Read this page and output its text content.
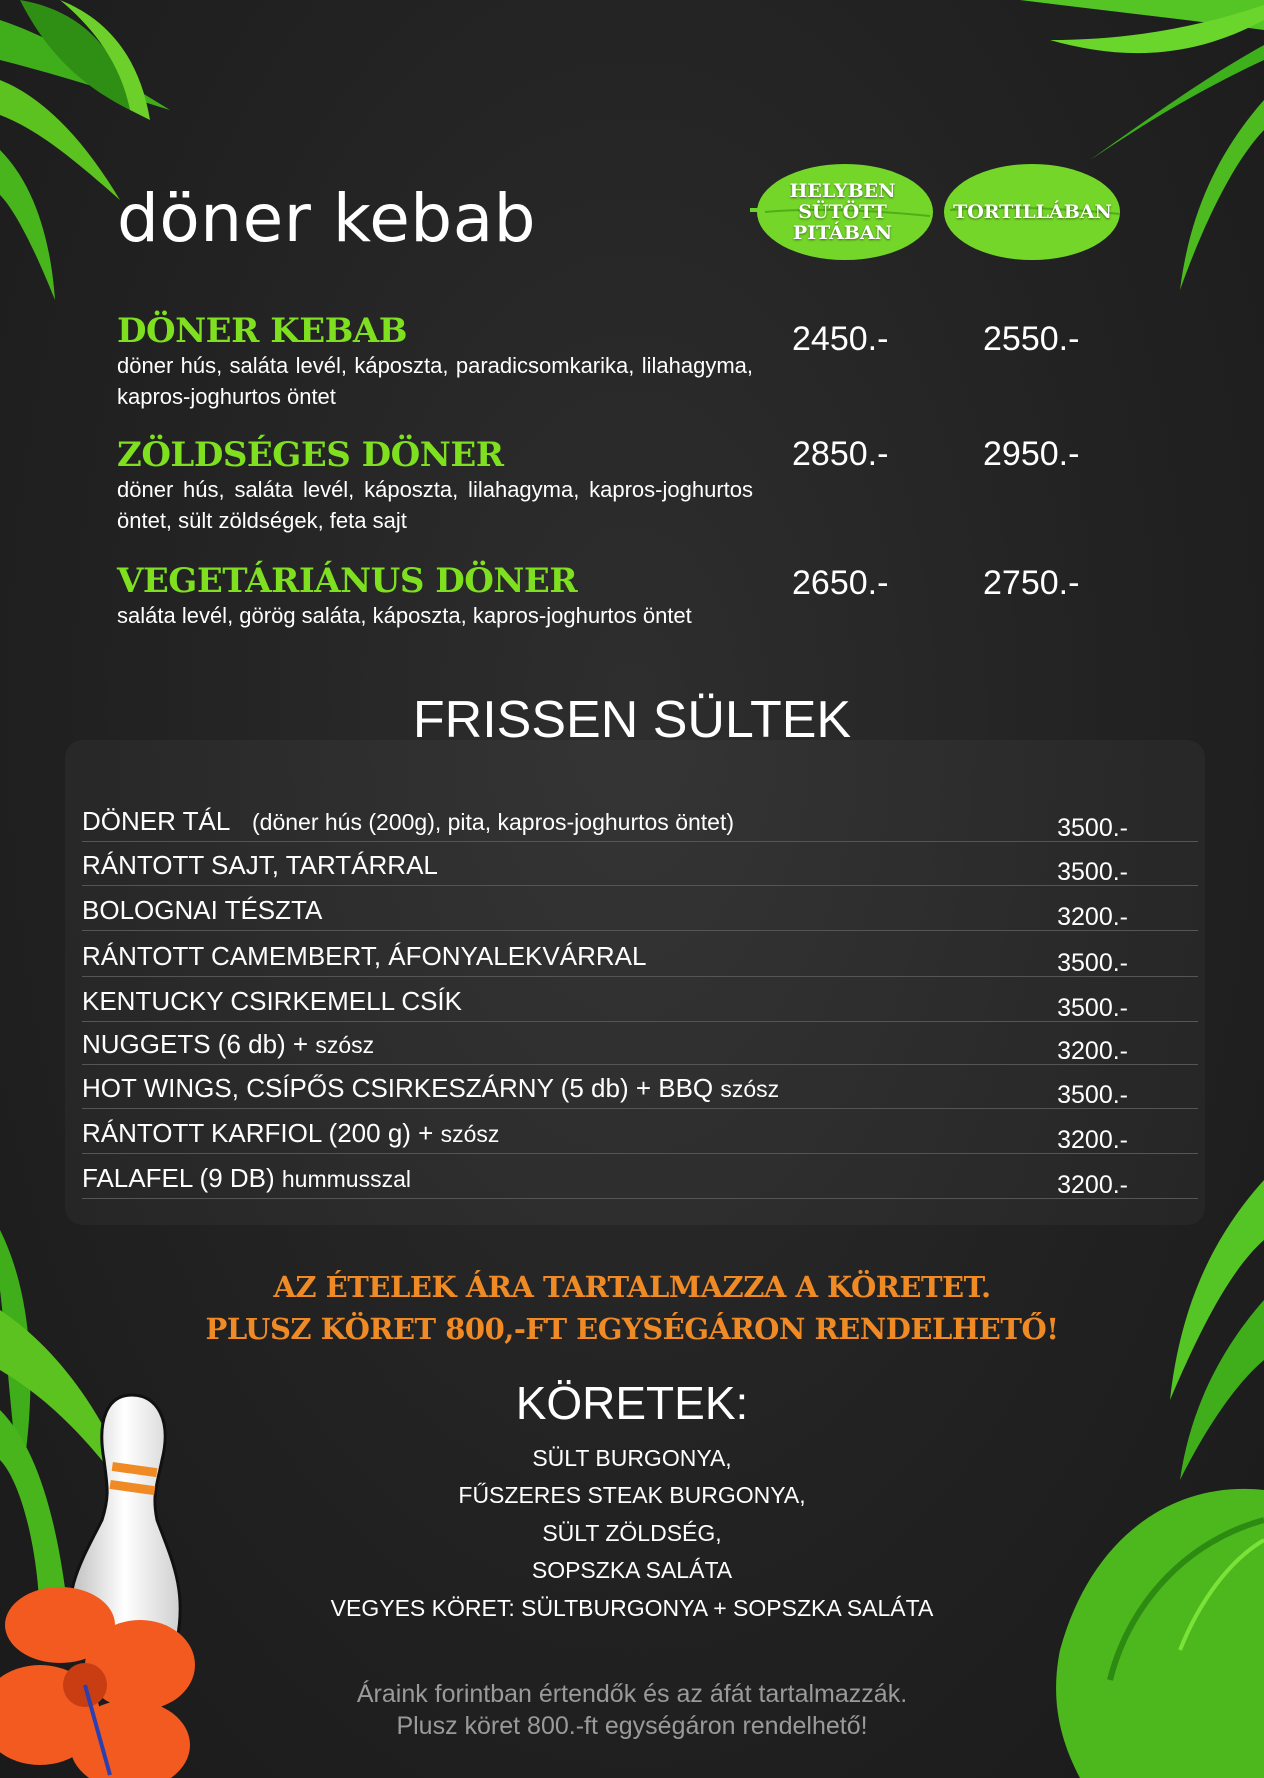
döner kebab	HELYBEN SÜTÖTT PITÁBAN
TORTILLÁBAN
DÖNER KEBAB
döner hús, saláta levél, káposzta, paradicsomkarika, lilahagyma, kapros-joghurtos öntet
2450.-	2550.-
ZÖLDSÉGES DÖNER
döner hús, saláta levél, káposzta, lilahagyma, kapros-joghurtos öntet, sült zöldségek, feta sajt
2850.-	2950.-
VEGETÁRIÁNUS DÖNER
saláta levél, görög saláta, káposzta, kapros-joghurtos öntet
2650.-	2750.-
FRISSEN SÜLTEK
DÖNER TÁL (döner hús (200g), pita, kapros-joghurtos öntet)	3500.-
RÁNTOTT SAJT, TARTÁRRAL	3500.-
BOLOGNAI TÉSZTA	3200.-
RÁNTOTT CAMEMBERT, ÁFONYALEKVÁRRAL	3500.-
KENTUCKY CSIRKEMELL CSÍK	3500.-
NUGGETS (6 db) + szósz	3200.-
HOT WINGS, CSÍPŐS CSIRKESZÁRNY (5 db) + BBQ szósz	3500.-
RÁNTOTT KARFIOL (200 g) + szósz	3200.-
FALAFEL (9 DB) hummusszal	3200.-
AZ ÉTELEK ÁRA TARTALMAZZA A KÖRETET.
PLUSZ KÖRET 800,-FT EGYSÉGÁRON RENDELHETŐ!
KÖRETEK:
SÜLT BURGONYA,
FŰSZERES STEAK BURGONYA,
SÜLT ZÖLDSÉG,
SOPSZKA SALÁTA
VEGYES KÖRET: SÜLTBURGONYA + SOPSZKA SALÁTA
Áraink forintban értendők és az áfát tartalmazzák.
Plusz köret 800.-ft egységáron rendelhető!
